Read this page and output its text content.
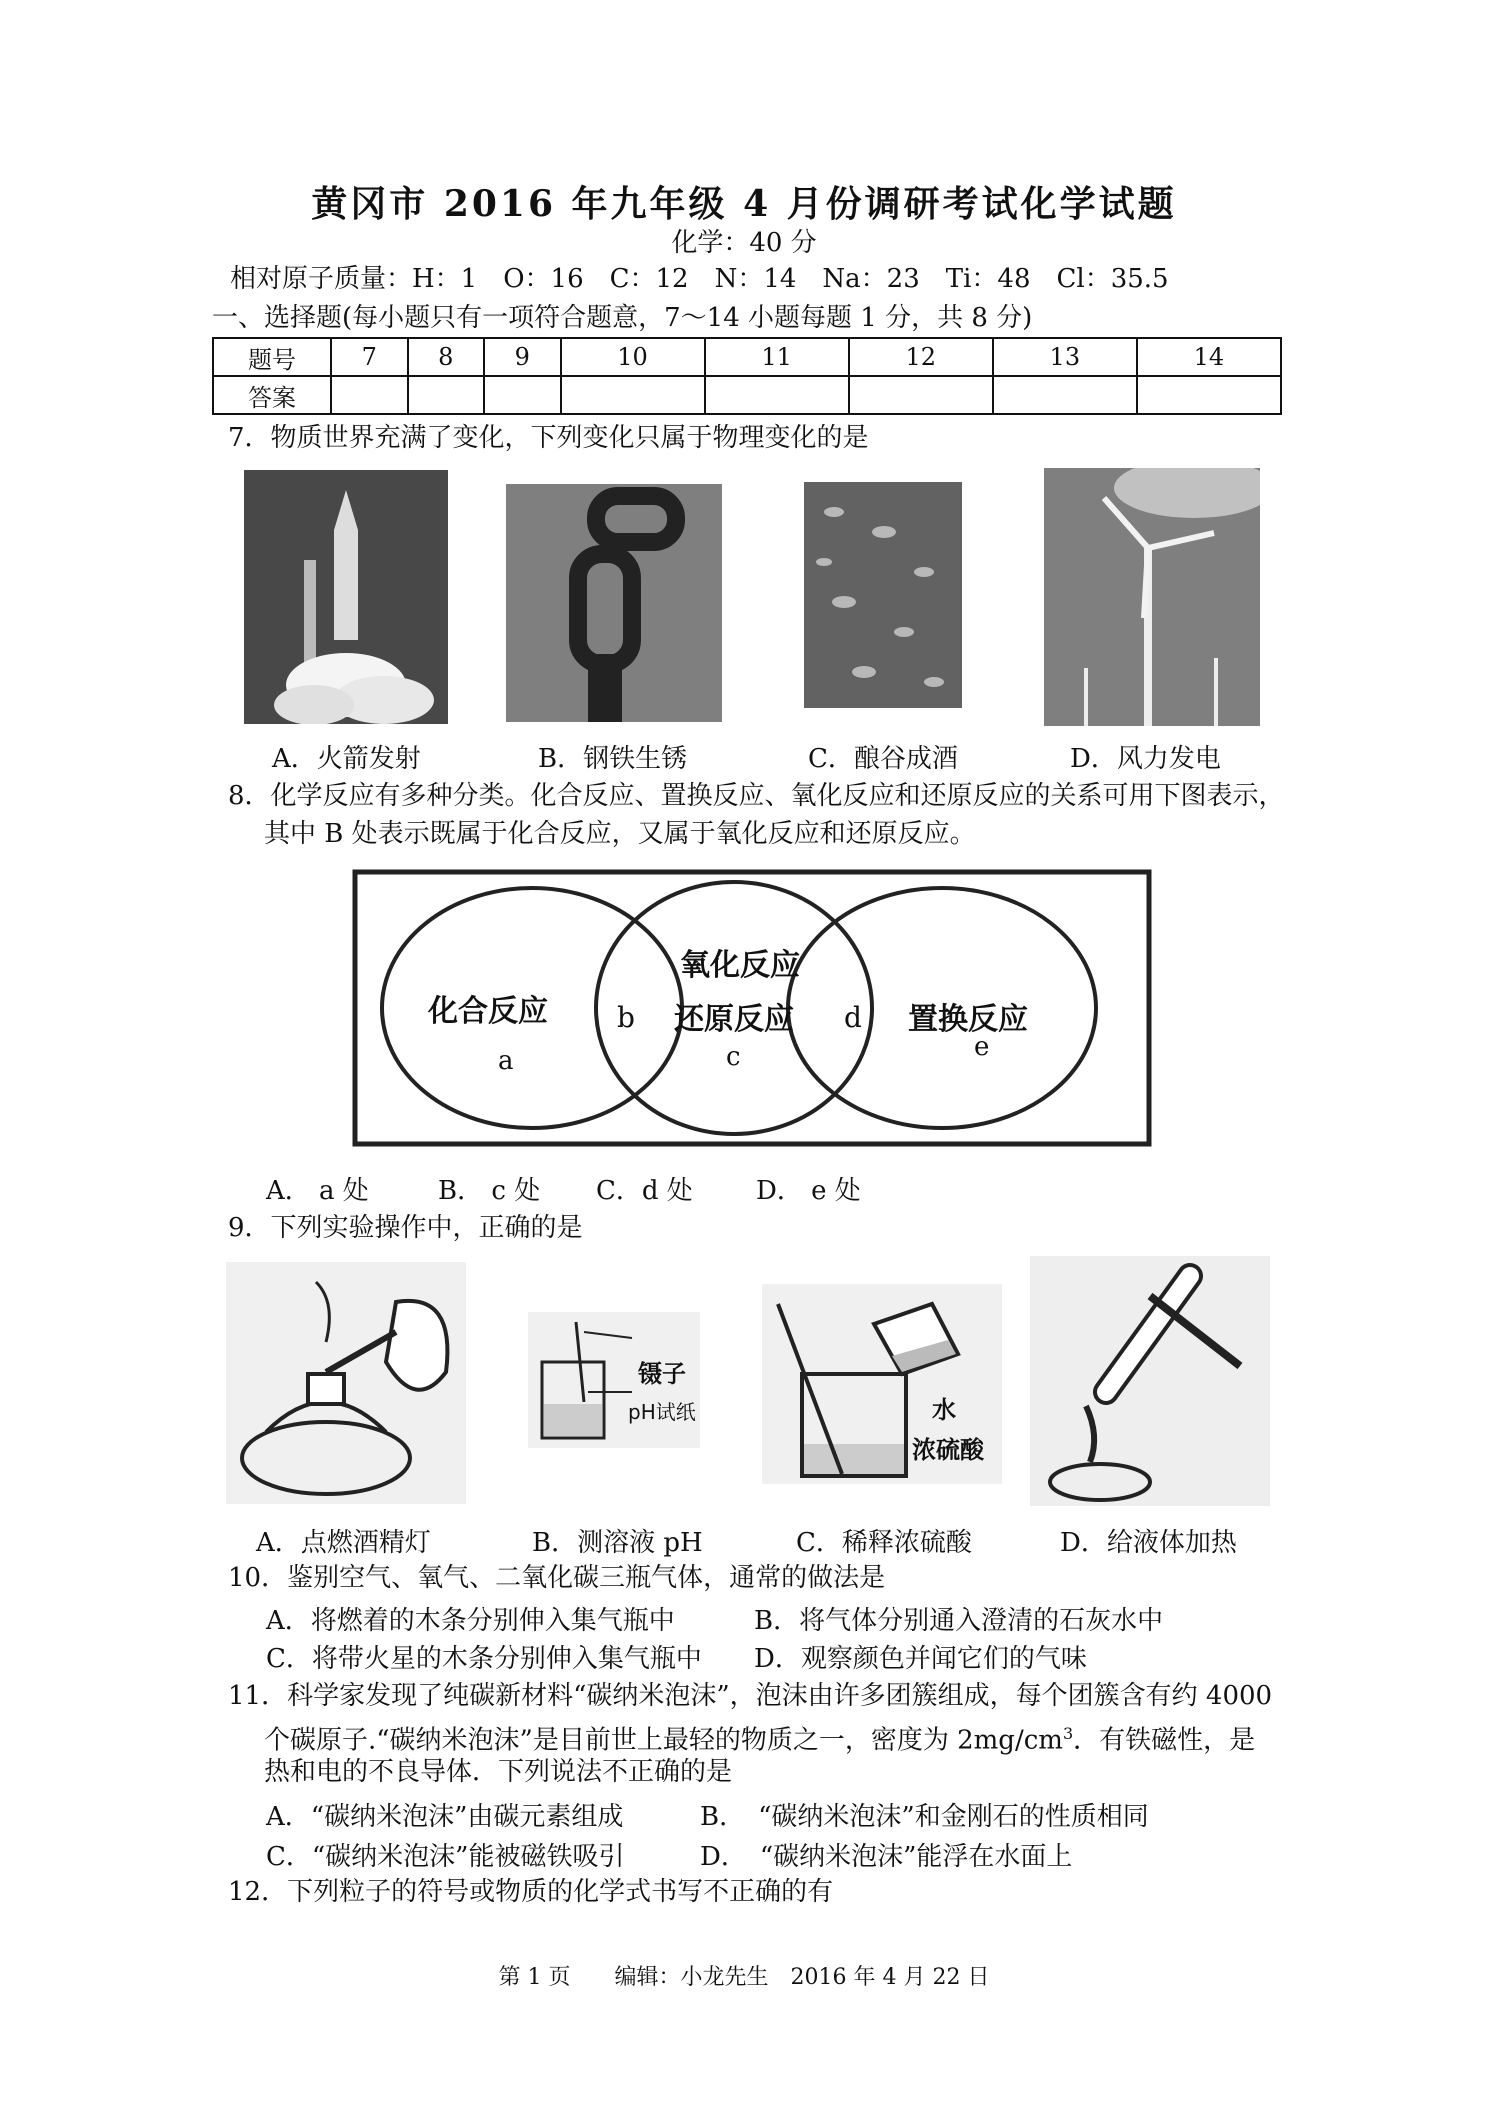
黄冈市 2016 年九年级 4 月份调研考试化学试题
化学：40 分
相对原子质量：H：1　O：16　C：12　N：14　Na：23　Ti：48　Cl：35.5
一、选择题(每小题只有一项符合题意，7～14 小题每题 1 分，共 8 分)
题号	7	8	9	10	11	12	13	14
答案								
7．物质世界充满了变化，下列变化只属于物理变化的是
A．火箭发射	B．钢铁生锈	C．酿谷成酒	D．风力发电
8．化学反应有多种分类。化合反应、置换反应、氧化反应和还原反应的关系可用下图表示，
其中 B 处表示既属于化合反应，又属于氧化反应和还原反应。
化合反应
a
b
氧化反应
还原反应
c
d 置换反应
e
A． a 处	B． c 处 C．d 处 D． e 处
9．下列实验操作中，正确的是
镊子
pH试纸	水
浓硫酸
A．点燃酒精灯	B．测溶液 pH	C．稀释浓硫酸	D．给液体加热
10．鉴别空气、氧气、二氧化碳三瓶气体，通常的做法是
A．将燃着的木条分别伸入集气瓶中	B．将气体分别通入澄清的石灰水中
C．将带火星的木条分别伸入集气瓶中 D．观察颜色并闻它们的气味
11．科学家发现了纯碳新材料“碳纳米泡沫”，泡沫由许多团簇组成，每个团簇含有约 4000
个碳原子.“碳纳米泡沫”是目前世上最轻的物质之一，密度为 $2mg/cm^3$．有铁磁性，是
热和电的不良导体．下列说法不正确的是
A．“碳纳米泡沫”由碳元素组成	B．　“碳纳米泡沫”和金刚石的性质相同
C．“碳纳米泡沫”能被磁铁吸引	D．　“碳纳米泡沫”能浮在水面上
12．下列粒子的符号或物质的化学式书写不正确的有
第 1 页　　编辑：小龙先生　2016 年 4 月 22 日
